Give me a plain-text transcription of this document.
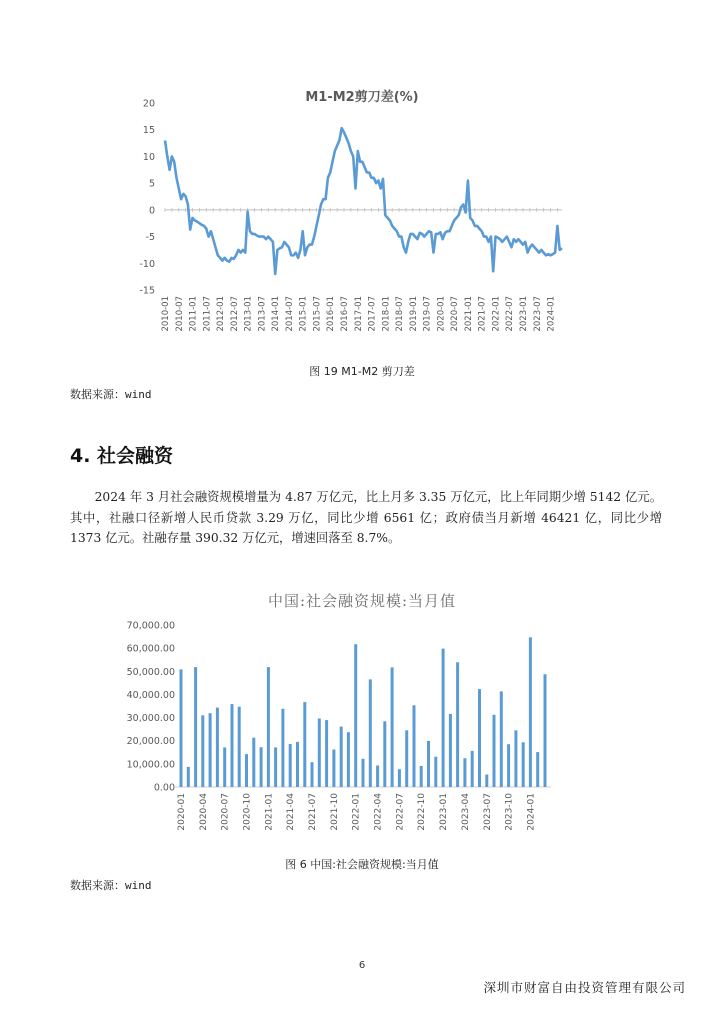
M1-M2剪刀差(%)
20
15
10
5
0
-5
-10
-15
2010-01 2010-07 2011-01 2011-07 2012-01 2012-07 2013-01 2013-07 2014-01 2014-07 2015-01 2015-07 2016-01 2016-07 2017-01 2017-07 2018-01 2018-07 2019-01 2019-07 2020-01 2020-07 2021-01 2021-07 2022-01 2022-07 2023-01 2023-07 2024-01
图 19 M1-M2 剪刀差
数据来源：wind
4. 社会融资
2024 年 3 月社会融资规模增量为 4.87 万亿元，比上月多 3.35 万亿元，比上年同期少增 5142 亿元。其中，社融口径新增人民币贷款 3.29 万亿，同比少增 6561 亿；政府债当月新增 46421 亿，同比少增 1373 亿元。社融存量 390.32 万亿元，增速回落至 8.7%。
中国:社会融资规模:当月值
70,000.00
60,000.00
50,000.00
40,000.00
30,000.00
20,000.00
10,000.00
0.00
2020-01 2020-04 2020-07 2020-10 2021-01 2021-04 2021-07 2021-10 2022-01 2022-04 2022-07 2022-10 2023-01 2023-04 2023-07 2023-10 2024-01
图 6 中国:社会融资规模:当月值
数据来源：wind
6
深圳市财富自由投资管理有限公司
